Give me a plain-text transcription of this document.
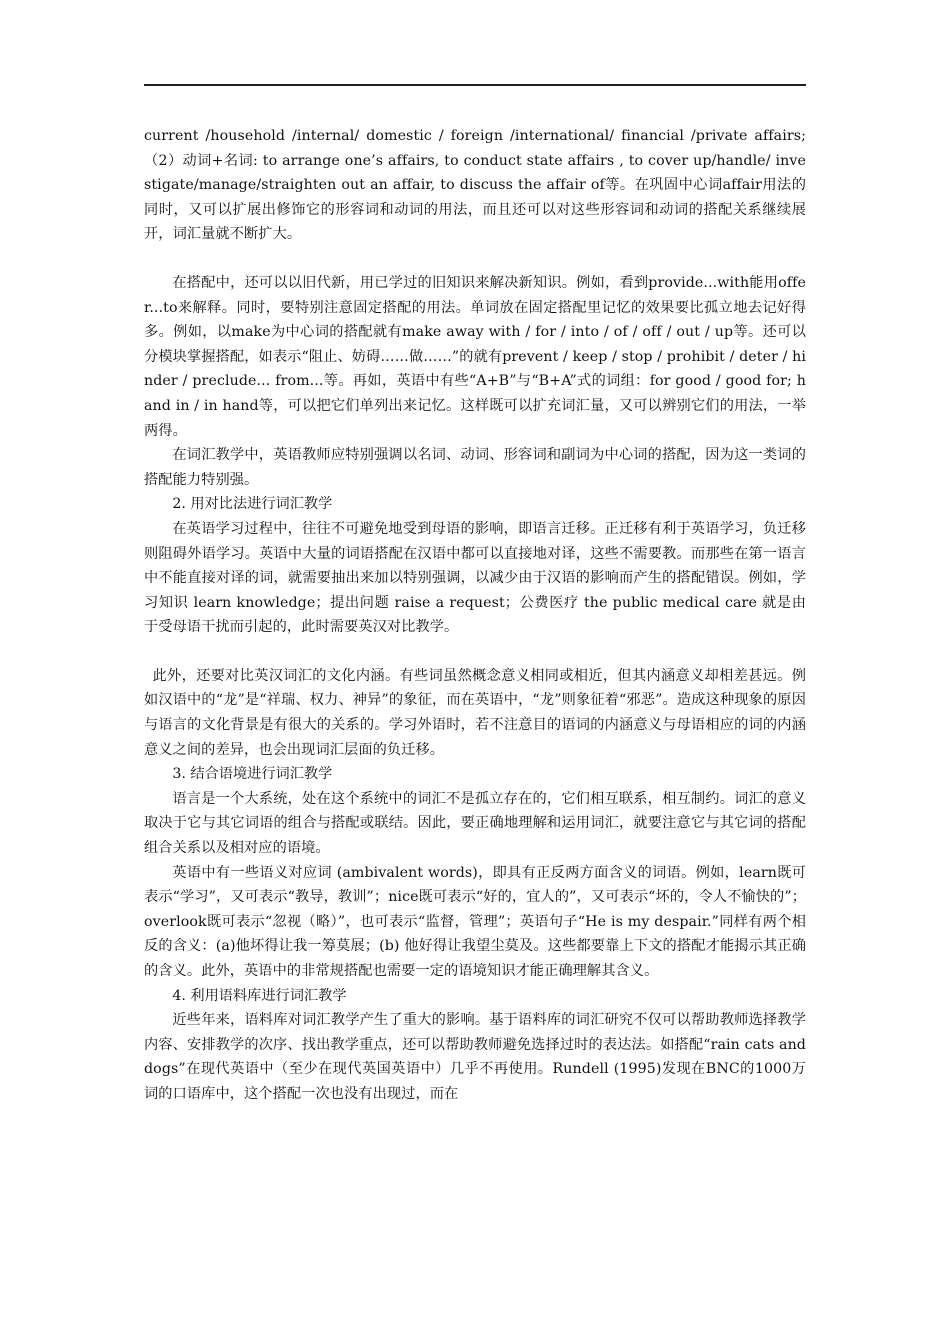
current /household /internal/ domestic / foreign /international/ financial /private affairs;（2）动词+名词: to arrange one’s affairs, to conduct state affairs , to cover up/handle/ investigate/manage/straighten out an affair, to discuss the affair of等。在巩固中心词affair用法的同时，又可以扩展出修饰它的形容词和动词的用法，而且还可以对这些形容词和动词的搭配关系继续展开，词汇量就不断扩大。

在搭配中，还可以以旧代新，用已学过的旧知识来解决新知识。例如，看到provide...with能用offer...to来解释。同时，要特别注意固定搭配的用法。单词放在固定搭配里记忆的效果要比孤立地去记好得多。例如，以make为中心词的搭配就有make away with / for / into / of / off / out / up等。还可以分模块掌握搭配，如表示“阻止、妨碍……做……”的就有prevent / keep / stop / prohibit / deter / hinder / preclude... from...等。再如，英语中有些“A+B”与“B+A”式的词组：for good / good for; hand in / in hand等，可以把它们单列出来记忆。这样既可以扩充词汇量，又可以辨别它们的用法，一举两得。

在词汇教学中，英语教师应特别强调以名词、动词、形容词和副词为中心词的搭配，因为这一类词的搭配能力特别强。

2. 用对比法进行词汇教学

在英语学习过程中，往往不可避免地受到母语的影响，即语言迁移。正迁移有利于英语学习，负迁移则阻碍外语学习。英语中大量的词语搭配在汉语中都可以直接地对译，这些不需要教。而那些在第一语言中不能直接对译的词，就需要抽出来加以特别强调，以减少由于汉语的影响而产生的搭配错误。例如，学习知识 learn knowledge；提出问题 raise a request；公费医疗 the public medical care 就是由于受母语干扰而引起的，此时需要英汉对比教学。

此外，还要对比英汉词汇的文化内涵。有些词虽然概念意义相同或相近，但其内涵意义却相差甚远。例如汉语中的“龙”是“祥瑞、权力、神异”的象征，而在英语中，“龙”则象征着“邪恶”。造成这种现象的原因与语言的文化背景是有很大的关系的。学习外语时，若不注意目的语词的内涵意义与母语相应的词的内涵意义之间的差异，也会出现词汇层面的负迁移。

3. 结合语境进行词汇教学

语言是一个大系统，处在这个系统中的词汇不是孤立存在的，它们相互联系，相互制约。词汇的意义取决于它与其它词语的组合与搭配或联结。因此，要正确地理解和运用词汇，就要注意它与其它词的搭配组合关系以及相对应的语境。

英语中有一些语义对应词 (ambivalent words)，即具有正反两方面含义的词语。例如，learn既可表示“学习”，又可表示“教导，教训”；nice既可表示“好的，宜人的”，又可表示“坏的，令人不愉快的”；overlook既可表示“忽视（略）”，也可表示“监督，管理”；英语句子“He is my despair.”同样有两个相反的含义：(a)他坏得让我一筹莫展；(b) 他好得让我望尘莫及。这些都要靠上下文的搭配才能揭示其正确的含义。此外，英语中的非常规搭配也需要一定的语境知识才能正确理解其含义。

4. 利用语料库进行词汇教学

近些年来，语料库对词汇教学产生了重大的影响。基于语料库的词汇研究不仅可以帮助教师选择教学内容、安排教学的次序、找出教学重点，还可以帮助教师避免选择过时的表达法。如搭配“rain cats and dogs”在现代英语中（至少在现代英国英语中）几乎不再使用。Rundell (1995)发现在BNC的1000万词的口语库中，这个搭配一次也没有出现过，而在
